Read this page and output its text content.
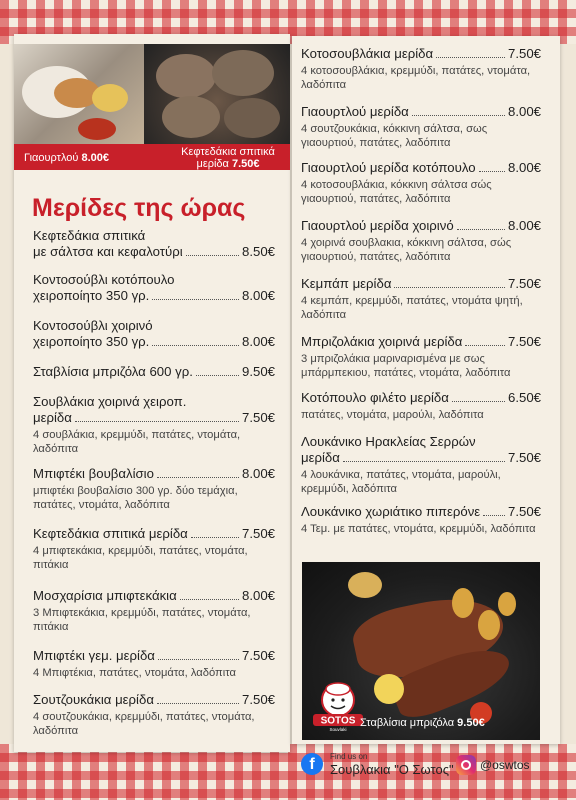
Γιαουρτλού 8.00€	Κεφτεδάκια σπιτικά
μερίδα 7.50€
Μερίδες της ώρας
Κεφτεδάκια σπιτικά
με σάλτσα και κεφαλοτύρι	8.50€
Κοντοσούβλι κοτόπουλο
χειροποίητο 350 γρ.	8.00€
Κοντοσούβλι χοιρινό
χειροποίητο 350 γρ.	8.00€
Σταβλίσια μπριζόλα 600 γρ.	9.50€
Σουβλάκια χοιρινά χειροπ.
μερίδα	7.50€
4 σουβλάκια, κρεμμύδι, πατάτες, ντομάτα, λαδόπιτα
Μπιφτέκι βουβαλίσιο	8.00€
μπιφτέκι βουβαλίσιο 300 γρ. δύο τεμάχια, πατάτες, ντομάτα, λαδόπιτα
Κεφτεδάκια σπιτικά μερίδα	7.50€
4 μπιφτεκάκια, κρεμμύδι, πατάτες, ντομάτα, πιτάκια
Μοσχαρίσια μπιφτεκάκια	8.00€
3 Μπιφτεκάκια, κρεμμύδι, πατάτες, ντομάτα, πιτάκια
Μπιφτέκι γεμ. μερίδα	7.50€
4 Μπιφτέκια, πατάτες, ντομάτα, λαδόπιτα
Σουτζουκάκια μερίδα	7.50€
4 σουτζουκάκια, κρεμμύδι, πατάτες, ντομάτα, λαδόπιτα
Κοτοσουβλάκια μερίδα	7.50€
4 κοτοσουβλάκια, κρεμμύδι, πατάτες, ντομάτα, λαδόπιτα
Γιαουρτλού μερίδα	8.00€
4 σουτζουκάκια, κόκκινη σάλτσα, σως γιαουρτιού, πατάτες, λαδόπιτα
Γιαουρτλού μερίδα κοτόπουλο 8.00€
4 κοτοσουβλάκια, κόκκινη σάλτσα σώς γιαουρτιού, πατάτες, λαδόπιτα
Γιαουρτλού μερίδα χοιρινό	8.00€
4 χοιρινά σουβλακια, κόκκινη σάλτσα, σώς γιαουρτιού, πατάτες, λαδόπιτα
Κεμπάπ μερίδα	7.50€
4 κεμπάπ, κρεμμύδι, πατάτες, ντομάτα ψητή, λαδόπιτα
Μπριζολάκια χοιρινά μερίδα	7.50€
3 μπριζολάκια μαριναρισμένα με σως μπάρμπεκιου, πατάτες, ντομάτα, λαδόπιτα
Κοτόπουλο φιλέτο μερίδα	6.50€
πατάτες, ντομάτα, μαρούλι, λαδόπιτα
Λουκάνικο Ηρακλείας Σερρών
μερίδα	7.50€
4 λουκάνικα, πατάτες, ντομάτα, μαρούλι, κρεμμύδι, λαδόπιτα
Λουκάνικο χωριάτικο πιπερόνε 7.50€
4 Τεμ. με πατάτες, ντομάτα, κρεμμύδι, λαδόπιτα
SOTOS
Souvlaki
Σταβλίσια μπριζόλα 9.50€
f	Find us on
Σουβλακια "Ο Σωτος" @oswtos
